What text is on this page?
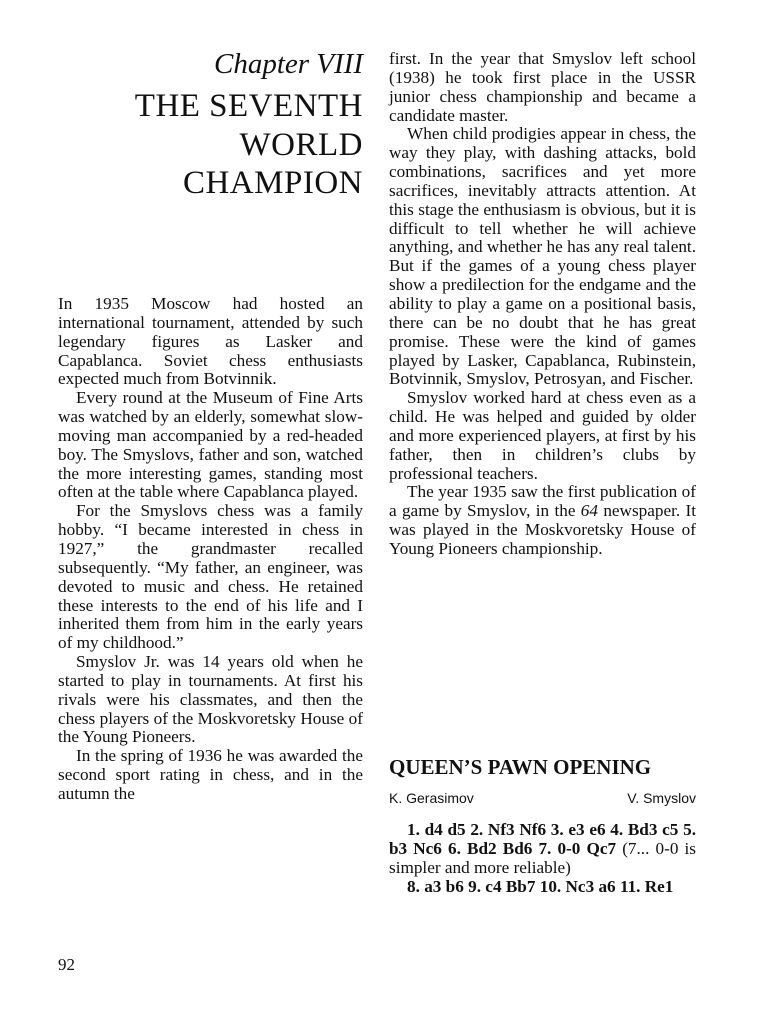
Chapter VIII
THE SEVENTH
WORLD
CHAMPION

In 1935 Moscow had hosted an international tournament, attended by such legendary figures as Lasker and Capablanca. Soviet chess enthusiasts expected much from Botvinnik.

Every round at the Museum of Fine Arts was watched by an elderly, somewhat slow-moving man accompanied by a red-headed boy. The Smyslovs, father and son, watched the more interesting games, standing most often at the table where Capablanca played.

For the Smyslovs chess was a family hobby. “I became interested in chess in 1927,” the grandmaster recalled subsequently. “My father, an engineer, was devoted to music and chess. He retained these interests to the end of his life and I inherited them from him in the early years of my childhood.”

Smyslov Jr. was 14 years old when he started to play in tournaments. At first his rivals were his classmates, and then the chess players of the Moskvoretsky House of the Young Pioneers.

In the spring of 1936 he was awarded the second sport rating in chess, and in the autumn the

first. In the year that Smyslov left school (1938) he took first place in the USSR junior chess championship and became a candidate master.

When child prodigies appear in chess, the way they play, with dashing attacks, bold combinations, sacrifices and yet more sacrifices, inevitably attracts attention. At this stage the enthusiasm is obvious, but it is difficult to tell whether he will achieve anything, and whether he has any real talent. But if the games of a young chess player show a predilection for the endgame and the ability to play a game on a positional basis, there can be no doubt that he has great promise. These were the kind of games played by Lasker, Capablanca, Rubinstein, Botvinnik, Smyslov, Petrosyan, and Fischer.

Smyslov worked hard at chess even as a child. He was helped and guided by older and more experienced players, at first by his father, then in children’s clubs by professional teachers.

The year 1935 saw the first publication of a game by Smyslov, in the 64 newspaper. It was played in the Moskvoretsky House of Young Pioneers championship.

QUEEN’S PAWN OPENING
K. Gerasimov	V. Smyslov

1. d4 d5 2. Nf3 Nf6 3. e3 e6 4. Bd3 c5 5. b3 Nc6 6. Bd2 Bd6 7. 0-0 Qc7 (7... 0-0 is simpler and more reliable)

8. a3 b6 9. c4 Bb7 10. Nc3 a6 11. Re1

92
